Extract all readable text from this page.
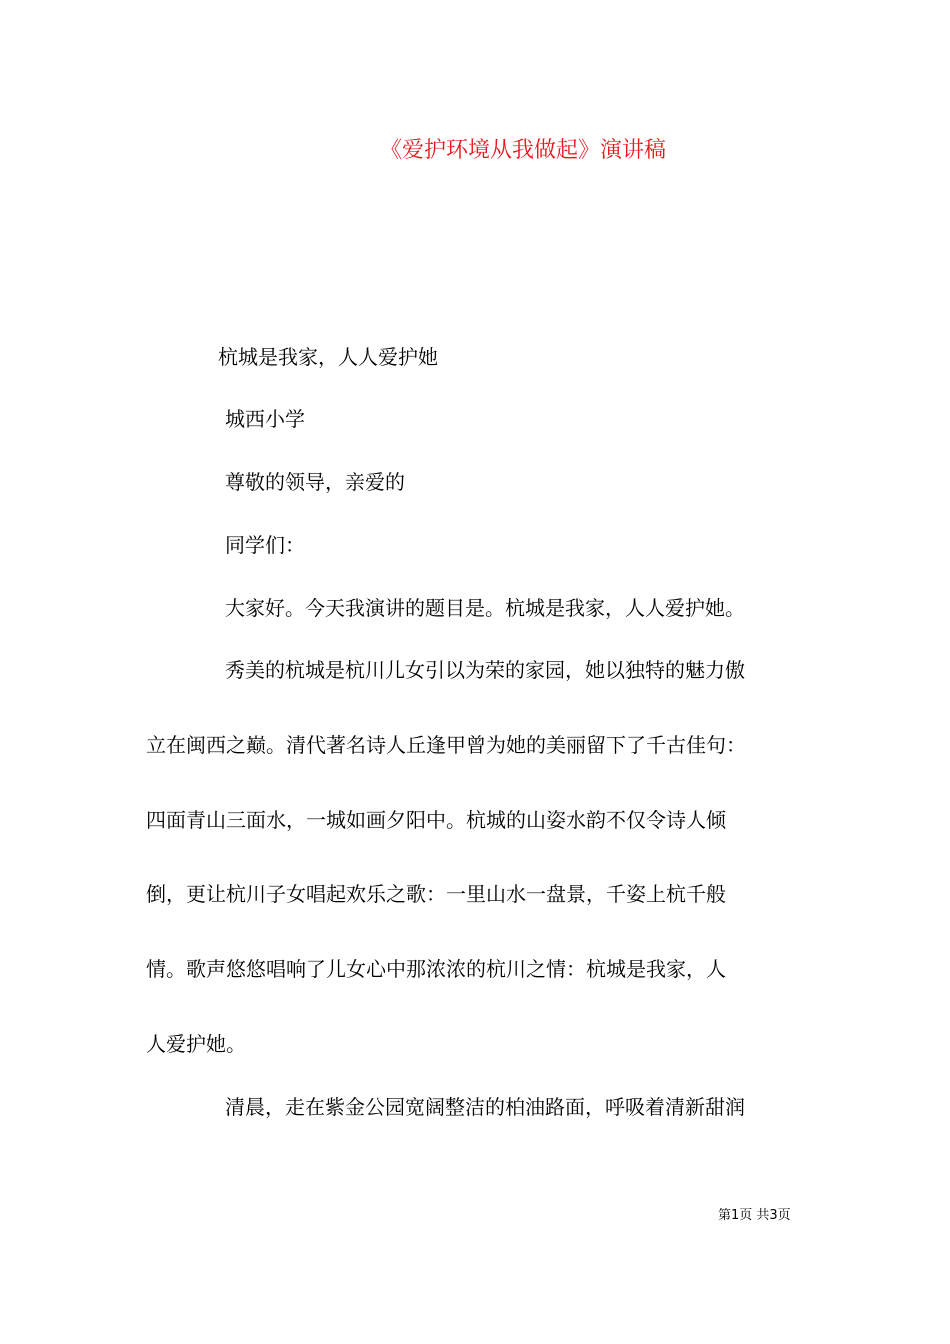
《爱护环境从我做起》演讲稿
杭城是我家，人人爱护她
城西小学
尊敬的领导，亲爱的
同学们：
大家好。今天我演讲的题目是。杭城是我家，人人爱护她。
秀美的杭城是杭川儿女引以为荣的家园，她以独特的魅力傲
立在闽西之巅。清代著名诗人丘逢甲曾为她的美丽留下了千古佳句：
四面青山三面水，一城如画夕阳中。杭城的山姿水韵不仅令诗人倾
倒，更让杭川子女唱起欢乐之歌：一里山水一盘景，千姿上杭千般
情。歌声悠悠唱响了儿女心中那浓浓的杭川之情：杭城是我家，人
人爱护她。
清晨，走在紫金公园宽阔整洁的柏油路面，呼吸着清新甜润
第1页 共3页
